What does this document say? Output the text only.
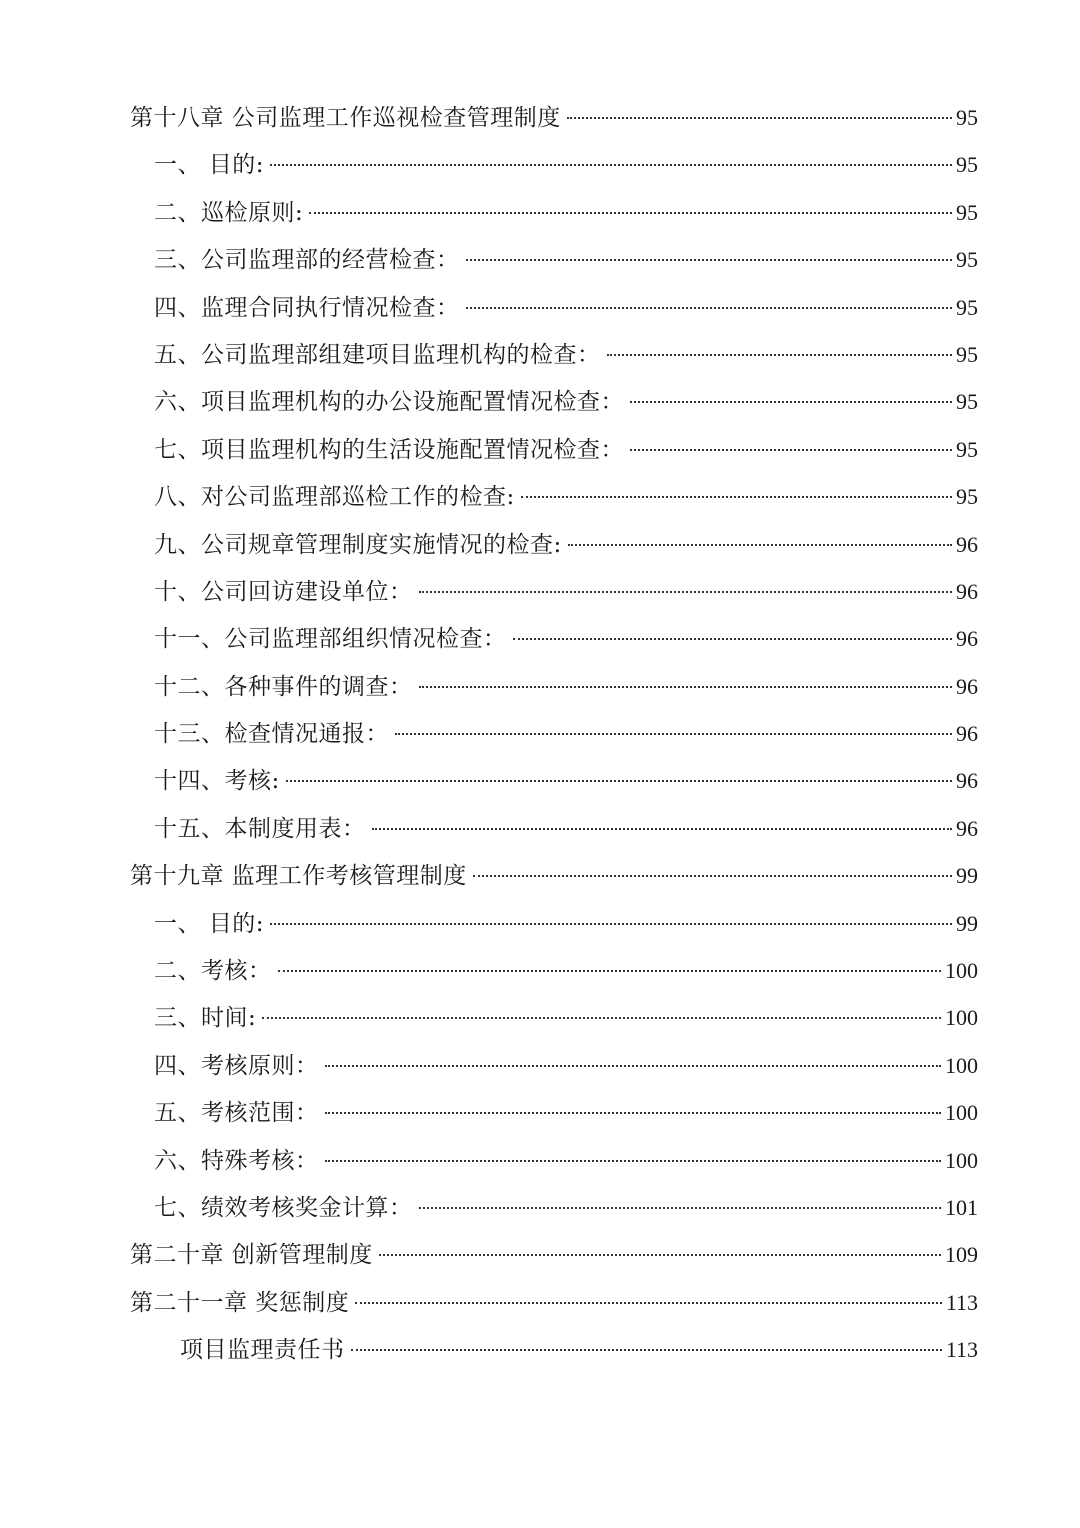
第十八章 公司监理工作巡视检查管理制度	95
一、 目的:	95
二、巡检原则:	95
三、公司监理部的经营检查：	95
四、监理合同执行情况检查：	95
五、公司监理部组建项目监理机构的检查：	95
六、项目监理机构的办公设施配置情况检查：	95
七、项目监理机构的生活设施配置情况检查：	95
八、对公司监理部巡检工作的检查:	95
九、公司规章管理制度实施情况的检查:	96
十、公司回访建设单位：	96
十一、公司监理部组织情况检查：	96
十二、各种事件的调查：	96
十三、检查情况通报：	96
十四、考核:	96
十五、本制度用表：	96
第十九章 监理工作考核管理制度	99
一、 目的:	99
二、考核：	100
三、时间:	100
四、考核原则：	100
五、考核范围：	100
六、特殊考核：	100
七、绩效考核奖金计算：	101
第二十章 创新管理制度	109
第二十一章 奖惩制度	113
项目监理责任书	113
